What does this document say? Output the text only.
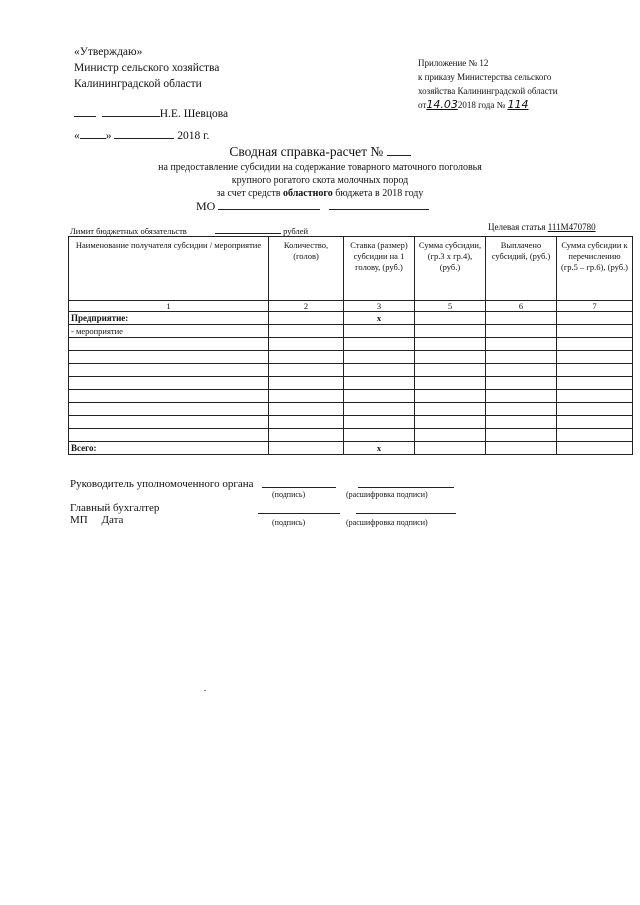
«Утверждаю»
Министр сельского хозяйства
Калининградской области
Н.Е. Шевцова
« »	2018 г.
Приложение № 12
к приказу Министерства сельского
хозяйства Калининградской области
от14.032018 года № 114
Сводная справка-расчет №
на предоставление субсидии на содержание товарного маточного поголовья
крупного рогатого скота молочных пород
за счет средств областного бюджета в 2018 году
МО
Лимит бюджетных обязательств	рублей	Целевая статья 111M470780
Наименование получателя субсидии / мероприятие	Количество, (голов)	Ставка (размер) субсидии на 1 голову, (руб.)	Сумма субсидии, (гр.3 х гр.4), (руб.)	Выплачено субсидий, (руб.)	Сумма субсидии к перечислению (гр.5 – гр.6), (руб.)
1	2	3	5	6	7
Предприятие:		х			
- мероприятие					

Всего:		х			
Руководитель уполномоченного органа
(подпись)	(расшифровка подписи)
Главный бухгалтер
МП Дата	(подпись)	(расшифровка подписи)
